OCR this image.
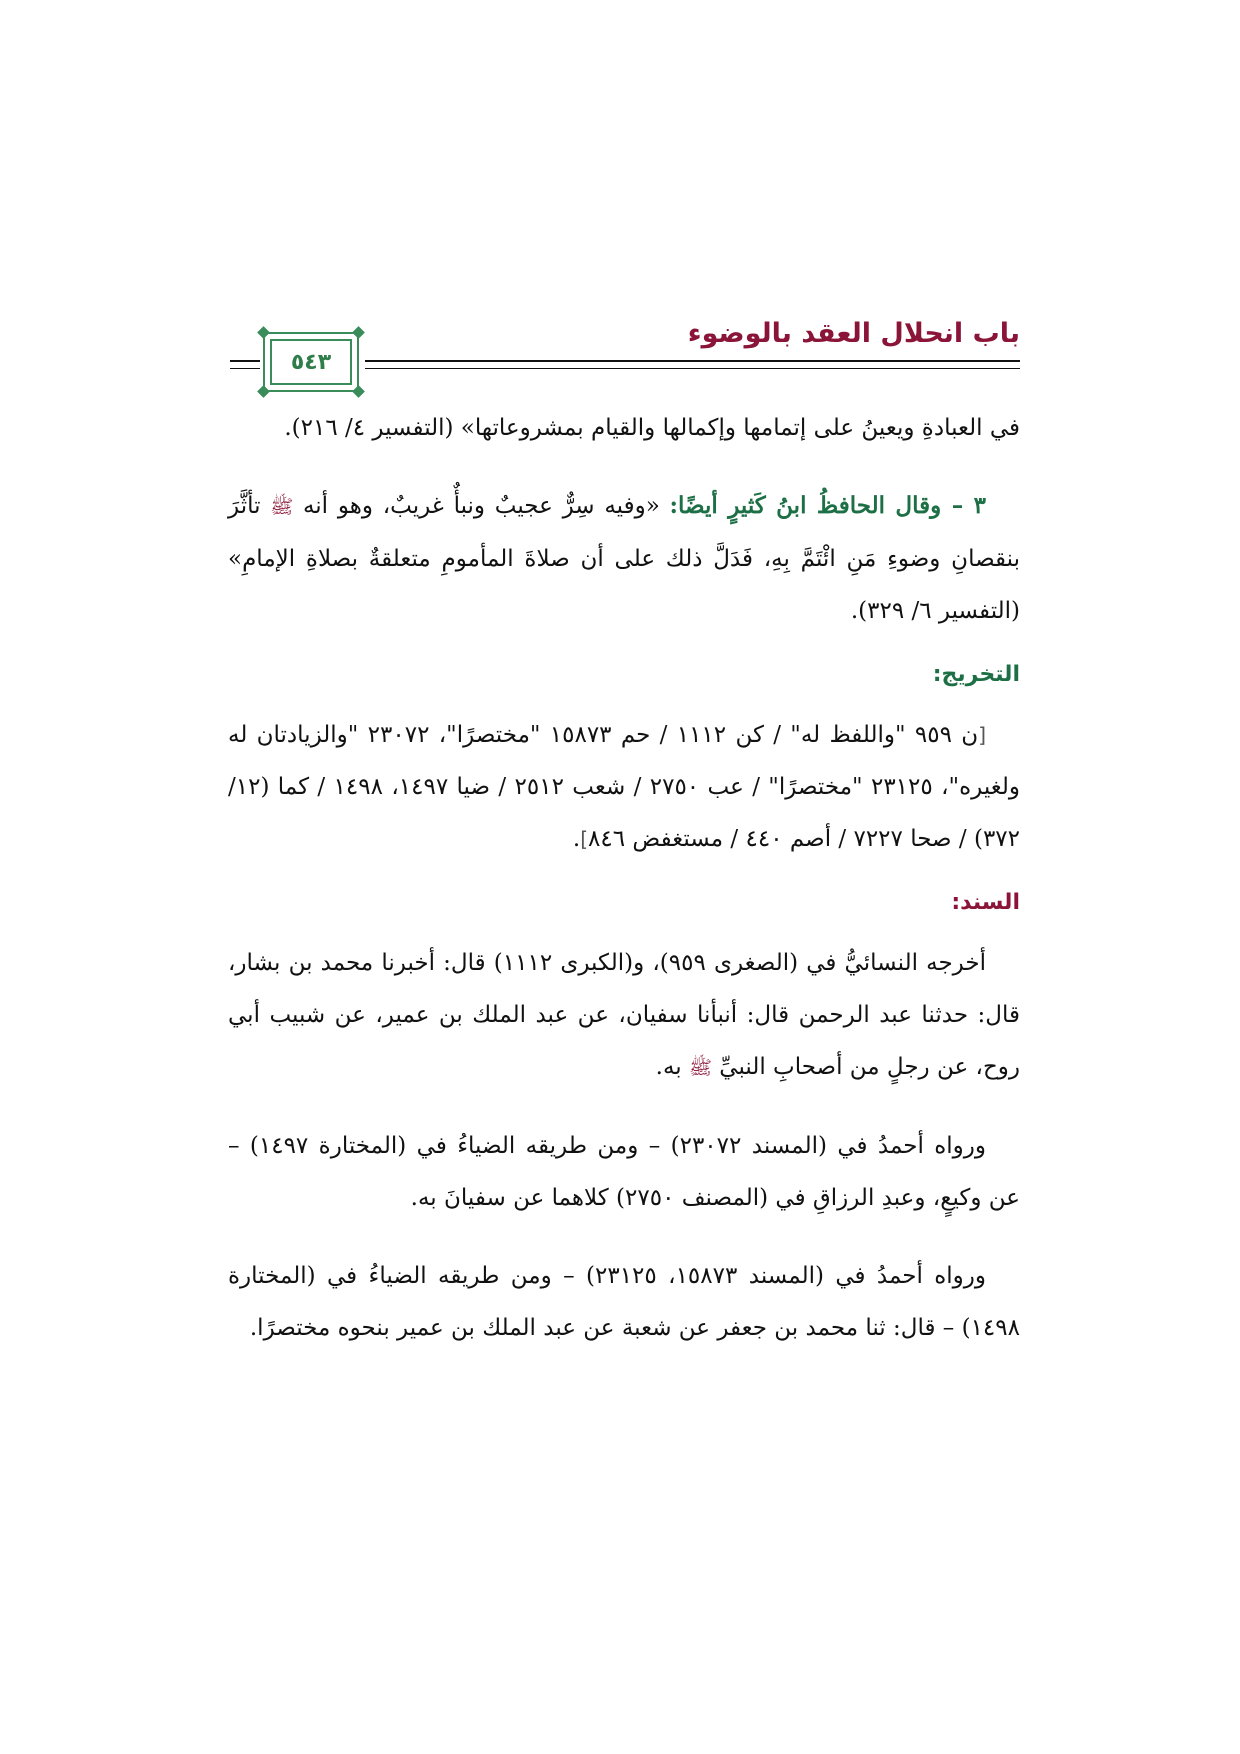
باب انحلال العقد بالوضوء
٥٤٣

في العبادةِ ويعينُ على إتمامها وإكمالها والقيام بمشروعاتها» (التفسير ٤/ ٢١٦).

٣ – وقال الحافظُ ابنُ كَثيرٍ أيضًا: «وفيه سِرٌّ عجيبٌ ونبأٌ غريبٌ، وهو أنه ﷺ تأثَّرَ بنقصانِ وضوءِ مَنِ ائْتَمَّ بِهِ، فَدَلَّ ذلك على أن صلاةَ المأمومِ متعلقةٌ بصلاةِ الإمامِ» (التفسير ٦/ ٣٢٩).

التخريج:

[ن ٩٥٩ "واللفظ له" / كن ١١١٢ / حم ١٥٨٧٣ "مختصرًا"، ٢٣٠٧٢ "والزيادتان له ولغيره"، ٢٣١٢٥ "مختصرًا" / عب ٢٧٥٠ / شعب ٢٥١٢ / ضيا ١٤٩٧، ١٤٩٨ / كما (١٢/ ٣٧٢) / صحا ٧٢٢٧ / أصم ٤٤٠ / مستغفض ٨٤٦].

السند:

أخرجه النسائيُّ في (الصغرى ٩٥٩)، و(الكبرى ١١١٢) قال: أخبرنا محمد بن بشار، قال: حدثنا عبد الرحمن قال: أنبأنا سفيان، عن عبد الملك بن عمير، عن شبيب أبي روح، عن رجلٍ من أصحابِ النبيِّ ﷺ به.

ورواه أحمدُ في (المسند ٢٣٠٧٢) – ومن طريقه الضياءُ في (المختارة ١٤٩٧) – عن وكيعٍ، وعبدِ الرزاقِ في (المصنف ٢٧٥٠) كلاهما عن سفيانَ به.

ورواه أحمدُ في (المسند ١٥٨٧٣، ٢٣١٢٥) – ومن طريقه الضياءُ في (المختارة ١٤٩٨) – قال: ثنا محمد بن جعفر عن شعبة عن عبد الملك بن عمير بنحوه مختصرًا.
